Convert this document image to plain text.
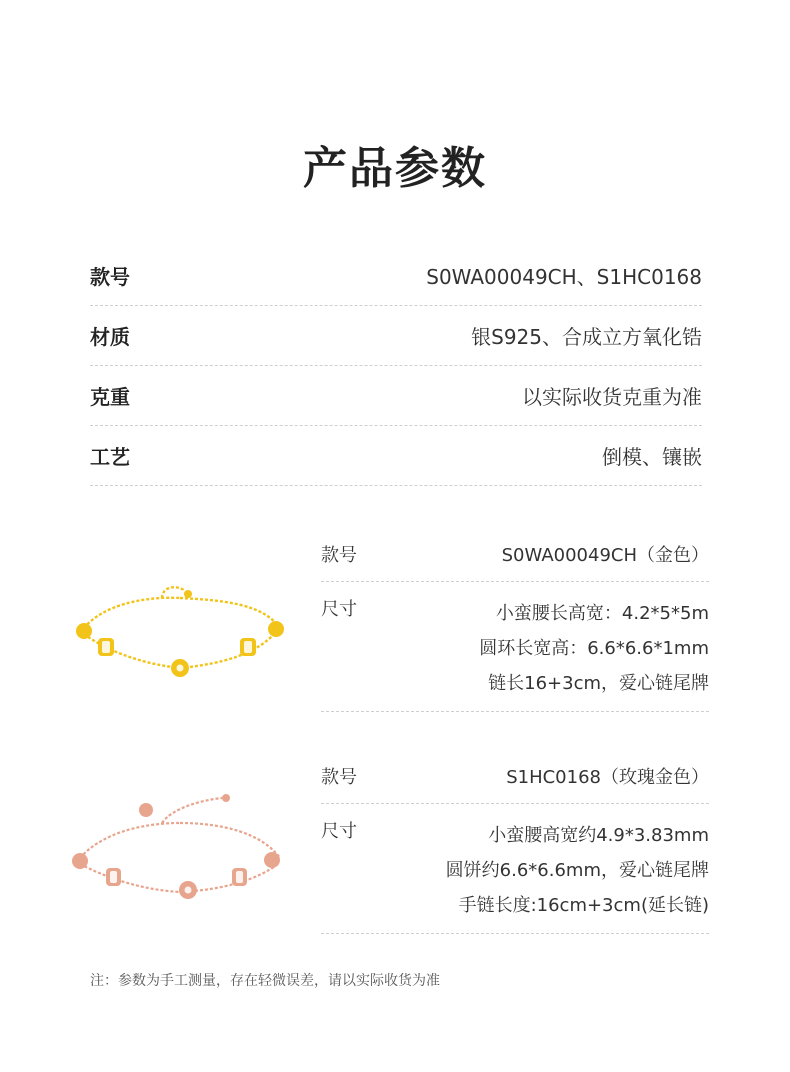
产品参数
款号	S0WA00049CH、S1HC0168
材质	银S925、合成立方氧化锆
克重	以实际收货克重为准
工艺	倒模、镶嵌
款号	S0WA00049CH（金色）
尺寸	小蛮腰长高宽：4.2*5*5m
圆环长宽高：6.6*6.6*1mm
链长16+3cm，爱心链尾牌
款号	S1HC0168（玫瑰金色）
尺寸	小蛮腰高宽约4.9*3.83mm
圆饼约6.6*6.6mm，爱心链尾牌
手链长度:16cm+3cm(延长链)

注：参数为手工测量，存在轻微误差，请以实际收货为准
